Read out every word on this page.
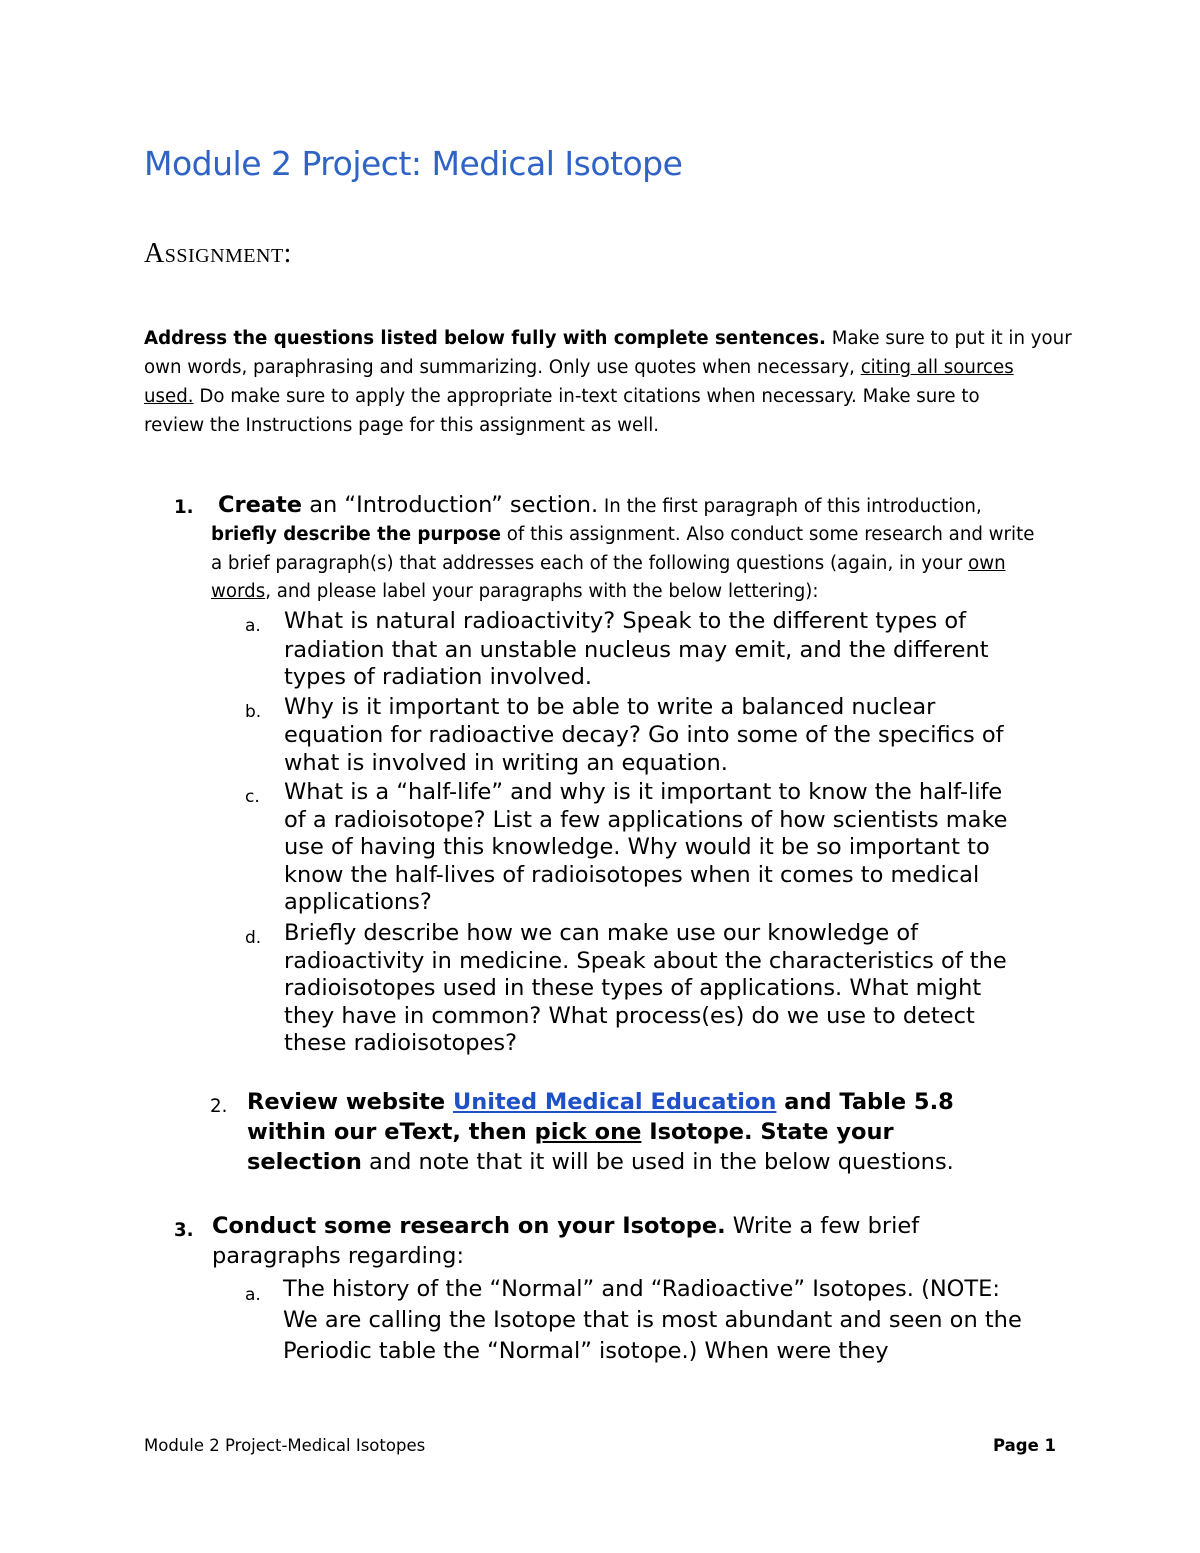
Module 2 Project: Medical Isotope
Assignment:
Address the questions listed below fully with complete sentences. Make sure to put it in your
own words, paraphrasing and summarizing. Only use quotes when necessary, citing all sources
used. Do make sure to apply the appropriate in-text citations when necessary. Make sure to
review the Instructions page for this assignment as well.
1. Create an “Introduction” section. In the first paragraph of this introduction,
briefly describe the purpose of this assignment. Also conduct some research and write
a brief paragraph(s) that addresses each of the following questions (again, in your own
words, and please label your paragraphs with the below lettering):
a. What is natural radioactivity? Speak to the different types of
radiation that an unstable nucleus may emit, and the different
types of radiation involved.
b. Why is it important to be able to write a balanced nuclear
equation for radioactive decay? Go into some of the specifics of
what is involved in writing an equation.
c. What is a “half-life” and why is it important to know the half-life
of a radioisotope? List a few applications of how scientists make
use of having this knowledge. Why would it be so important to
know the half-lives of radioisotopes when it comes to medical
applications?
d. Briefly describe how we can make use our knowledge of
radioactivity in medicine. Speak about the characteristics of the
radioisotopes used in these types of applications. What might
they have in common? What process(es) do we use to detect
these radioisotopes?
2. Review website United Medical Education and Table 5.8
within our eText, then pick one Isotope. State your
selection and note that it will be used in the below questions.
3. Conduct some research on your Isotope. Write a few brief
paragraphs regarding:
a. The history of the “Normal” and “Radioactive” Isotopes. (NOTE:
We are calling the Isotope that is most abundant and seen on the
Periodic table the “Normal” isotope.) When were they
Module 2 Project-Medical Isotopes	Page 1
